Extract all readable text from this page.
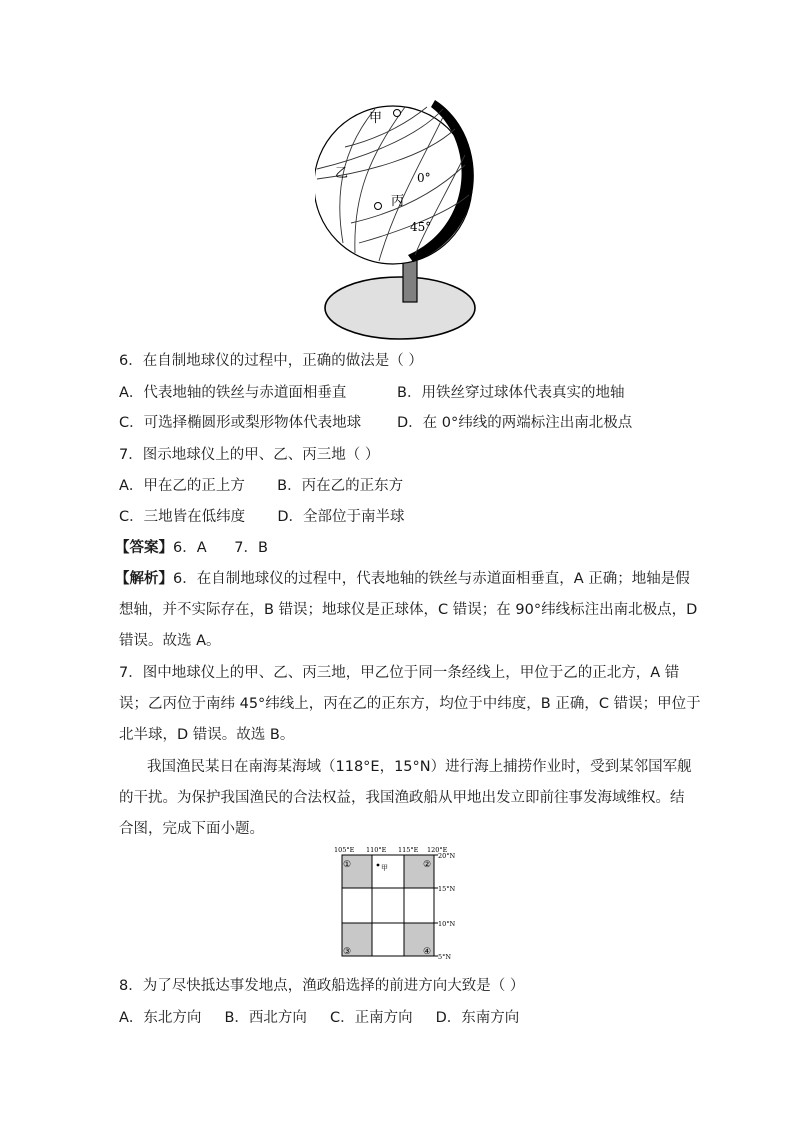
甲
乙
丙
0°
45°
6．在自制地球仪的过程中，正确的做法是（ ）
A．代表地轴的铁丝与赤道面相垂直	B．用铁丝穿过球体代表真实的地轴
C．可选择椭圆形或梨形物体代表地球 D．在 0°纬线的两端标注出南北极点
7．图示地球仪上的甲、乙、丙三地（ ）
A．甲在乙的正上方       B．丙在乙的正东方
C．三地皆在低纬度       D．全部位于南半球
【答案】6．A      7．B
【解析】6．在自制地球仪的过程中，代表地轴的铁丝与赤道面相垂直，A 正确；地轴是假
想轴，并不实际存在，B 错误；地球仪是正球体，C 错误；在 90°纬线标注出南北极点，D
错误。故选 A。
7．图中地球仪上的甲、乙、丙三地，甲乙位于同一条经线上，甲位于乙的正北方，A 错
误；乙丙位于南纬 45°纬线上，丙在乙的正东方，均位于中纬度，B 正确，C 错误；甲位于
北半球，D 错误。故选 B。
我国渔民某日在南海某海域（118°E，15°N）进行海上捕捞作业时，受到某邻国军舰
的干扰。为保护我国渔民的合法权益，我国渔政船从甲地出发立即前往事发海域维权。结
合图，完成下面小题。
105°E 110°E 115°E 120°E
20°N
15°N
10°N
5°N
①	②
③	④
甲
8．为了尽快抵达事发地点，渔政船选择的前进方向大致是（ ）
A．东北方向     B．西北方向     C．正南方向     D．东南方向
